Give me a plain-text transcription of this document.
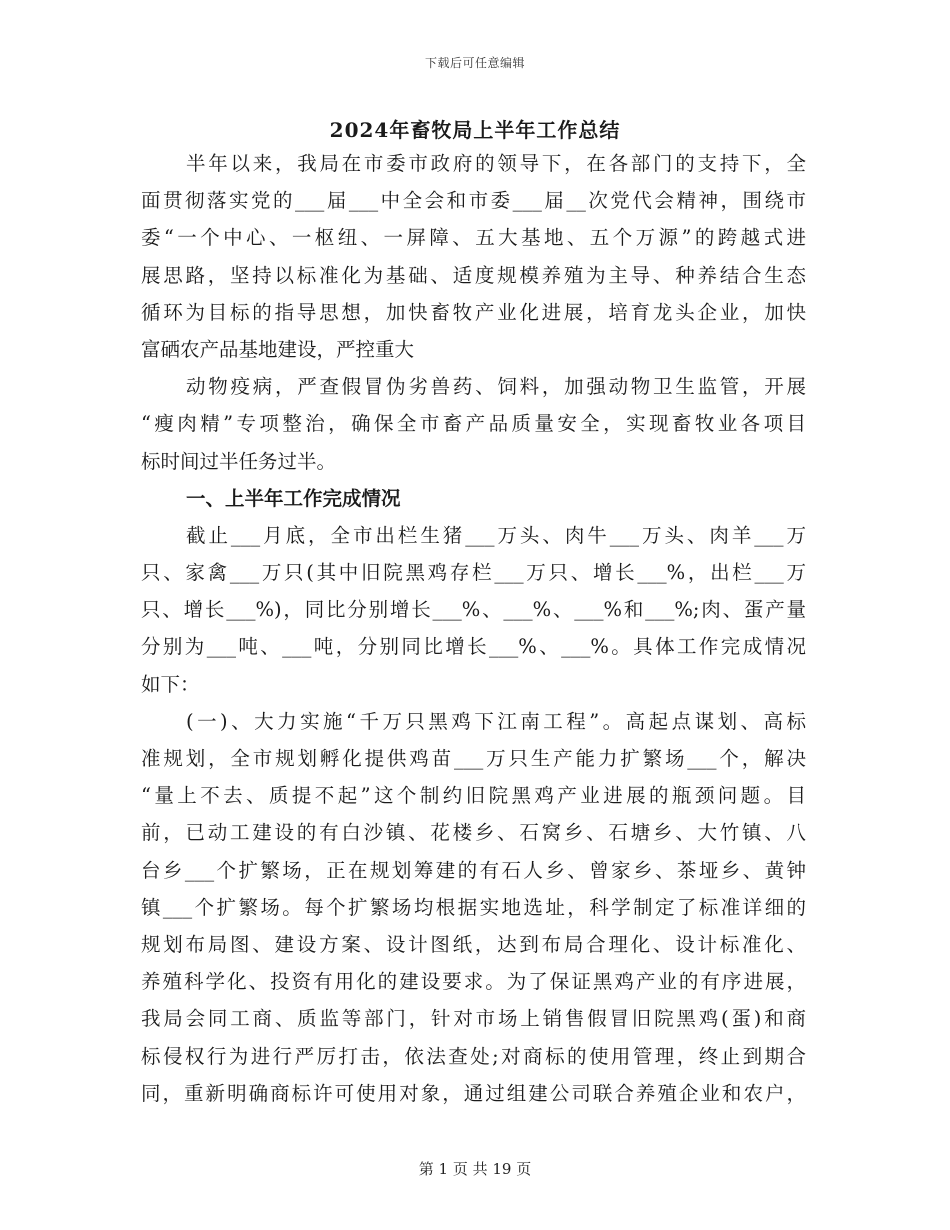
下载后可任意编辑
2024年畜牧局上半年工作总结
半年以来，我局在市委市政府的领导下，在各部门的支持下，全
面贯彻落实党的___届___中全会和市委___届__次党代会精神，围绕市
委“一个中心、一枢纽、一屏障、五大基地、五个万源”的跨越式进
展思路，坚持以标准化为基础、适度规模养殖为主导、种养结合生态
循环为目标的指导思想，加快畜牧产业化进展，培育龙头企业，加快
富硒农产品基地建设，严控重大
动物疫病，严查假冒伪劣兽药、饲料，加强动物卫生监管，开展
“瘦肉精”专项整治，确保全市畜产品质量安全，实现畜牧业各项目
标时间过半任务过半。
一、上半年工作完成情况
截止___月底，全市出栏生猪___万头、肉牛___万头、肉羊___万
只、家禽___万只(其中旧院黑鸡存栏___万只、增长___%，出栏___万
只、增长___%)，同比分别增长___%、___%、___%和___%;肉、蛋产量
分别为___吨、___吨，分别同比增长___%、___%。具体工作完成情况
如下：
(一)、大力实施“千万只黑鸡下江南工程”。高起点谋划、高标
准规划，全市规划孵化提供鸡苗___万只生产能力扩繁场___个，解决
“量上不去、质提不起”这个制约旧院黑鸡产业进展的瓶颈问题。目
前，已动工建设的有白沙镇、花楼乡、石窝乡、石塘乡、大竹镇、八
台乡___个扩繁场，正在规划筹建的有石人乡、曾家乡、茶垭乡、黄钟
镇___个扩繁场。每个扩繁场均根据实地选址，科学制定了标准详细的
规划布局图、建设方案、设计图纸，达到布局合理化、设计标准化、
养殖科学化、投资有用化的建设要求。为了保证黑鸡产业的有序进展，
我局会同工商、质监等部门，针对市场上销售假冒旧院黑鸡(蛋)和商
标侵权行为进行严厉打击，依法查处;对商标的使用管理，终止到期合
同，重新明确商标许可使用对象，通过组建公司联合养殖企业和农户，
第 1 页 共 19 页
